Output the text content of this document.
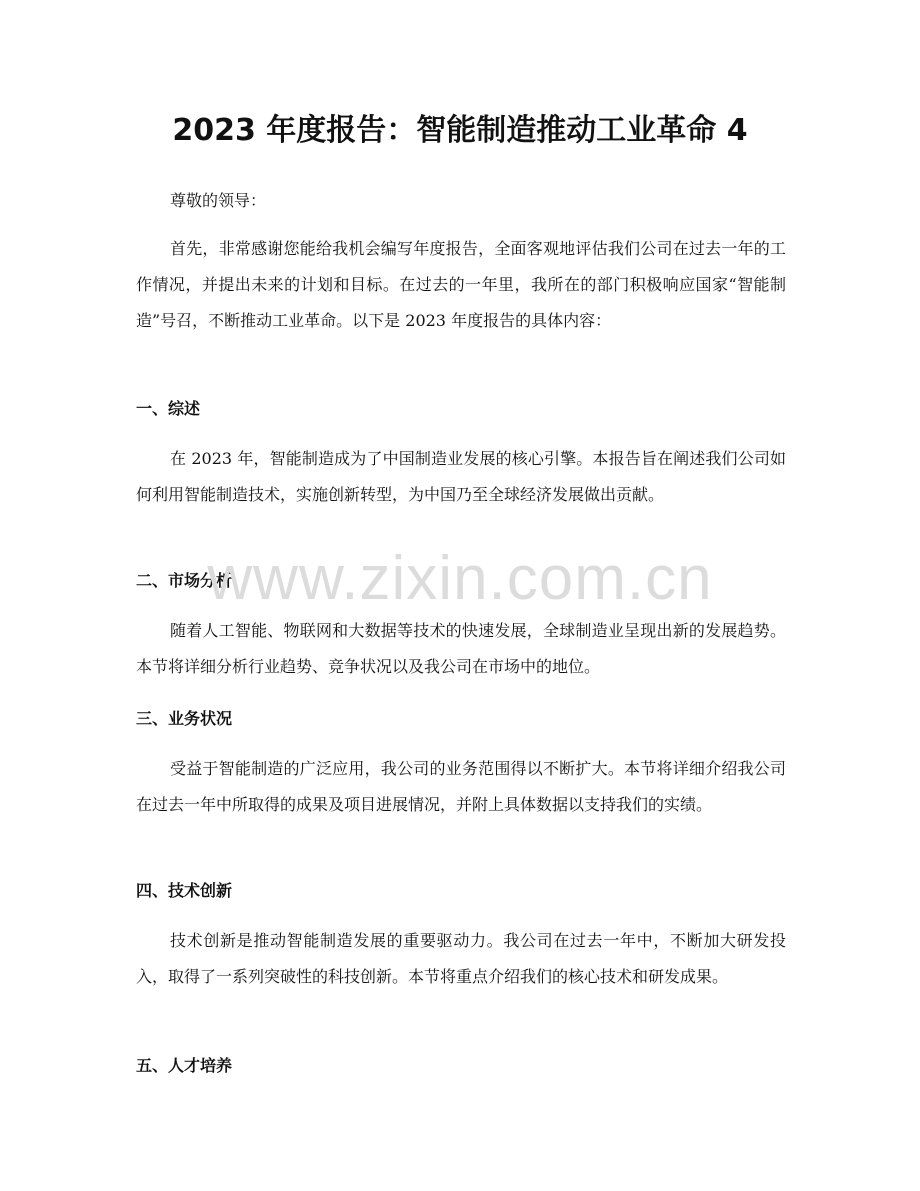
2023 年度报告：智能制造推动工业革命 4

尊敬的领导：

首先，非常感谢您能给我机会编写年度报告，全面客观地评估我们公司在过去一年的工作情况，并提出未来的计划和目标。在过去的一年里，我所在的部门积极响应国家“智能制造”号召，不断推动工业革命。以下是 2023 年度报告的具体内容：

一、综述

在 2023 年，智能制造成为了中国制造业发展的核心引擎。本报告旨在阐述我们公司如何利用智能制造技术，实施创新转型，为中国乃至全球经济发展做出贡献。

二、市场分析

随着人工智能、物联网和大数据等技术的快速发展，全球制造业呈现出新的发展趋势。本节将详细分析行业趋势、竞争状况以及我公司在市场中的地位。

三、业务状况

受益于智能制造的广泛应用，我公司的业务范围得以不断扩大。本节将详细介绍我公司在过去一年中所取得的成果及项目进展情况，并附上具体数据以支持我们的实绩。

四、技术创新

技术创新是推动智能制造发展的重要驱动力。我公司在过去一年中，不断加大研发投入，取得了一系列突破性的科技创新。本节将重点介绍我们的核心技术和研发成果。

五、人才培养
www.zixin.com.cn
